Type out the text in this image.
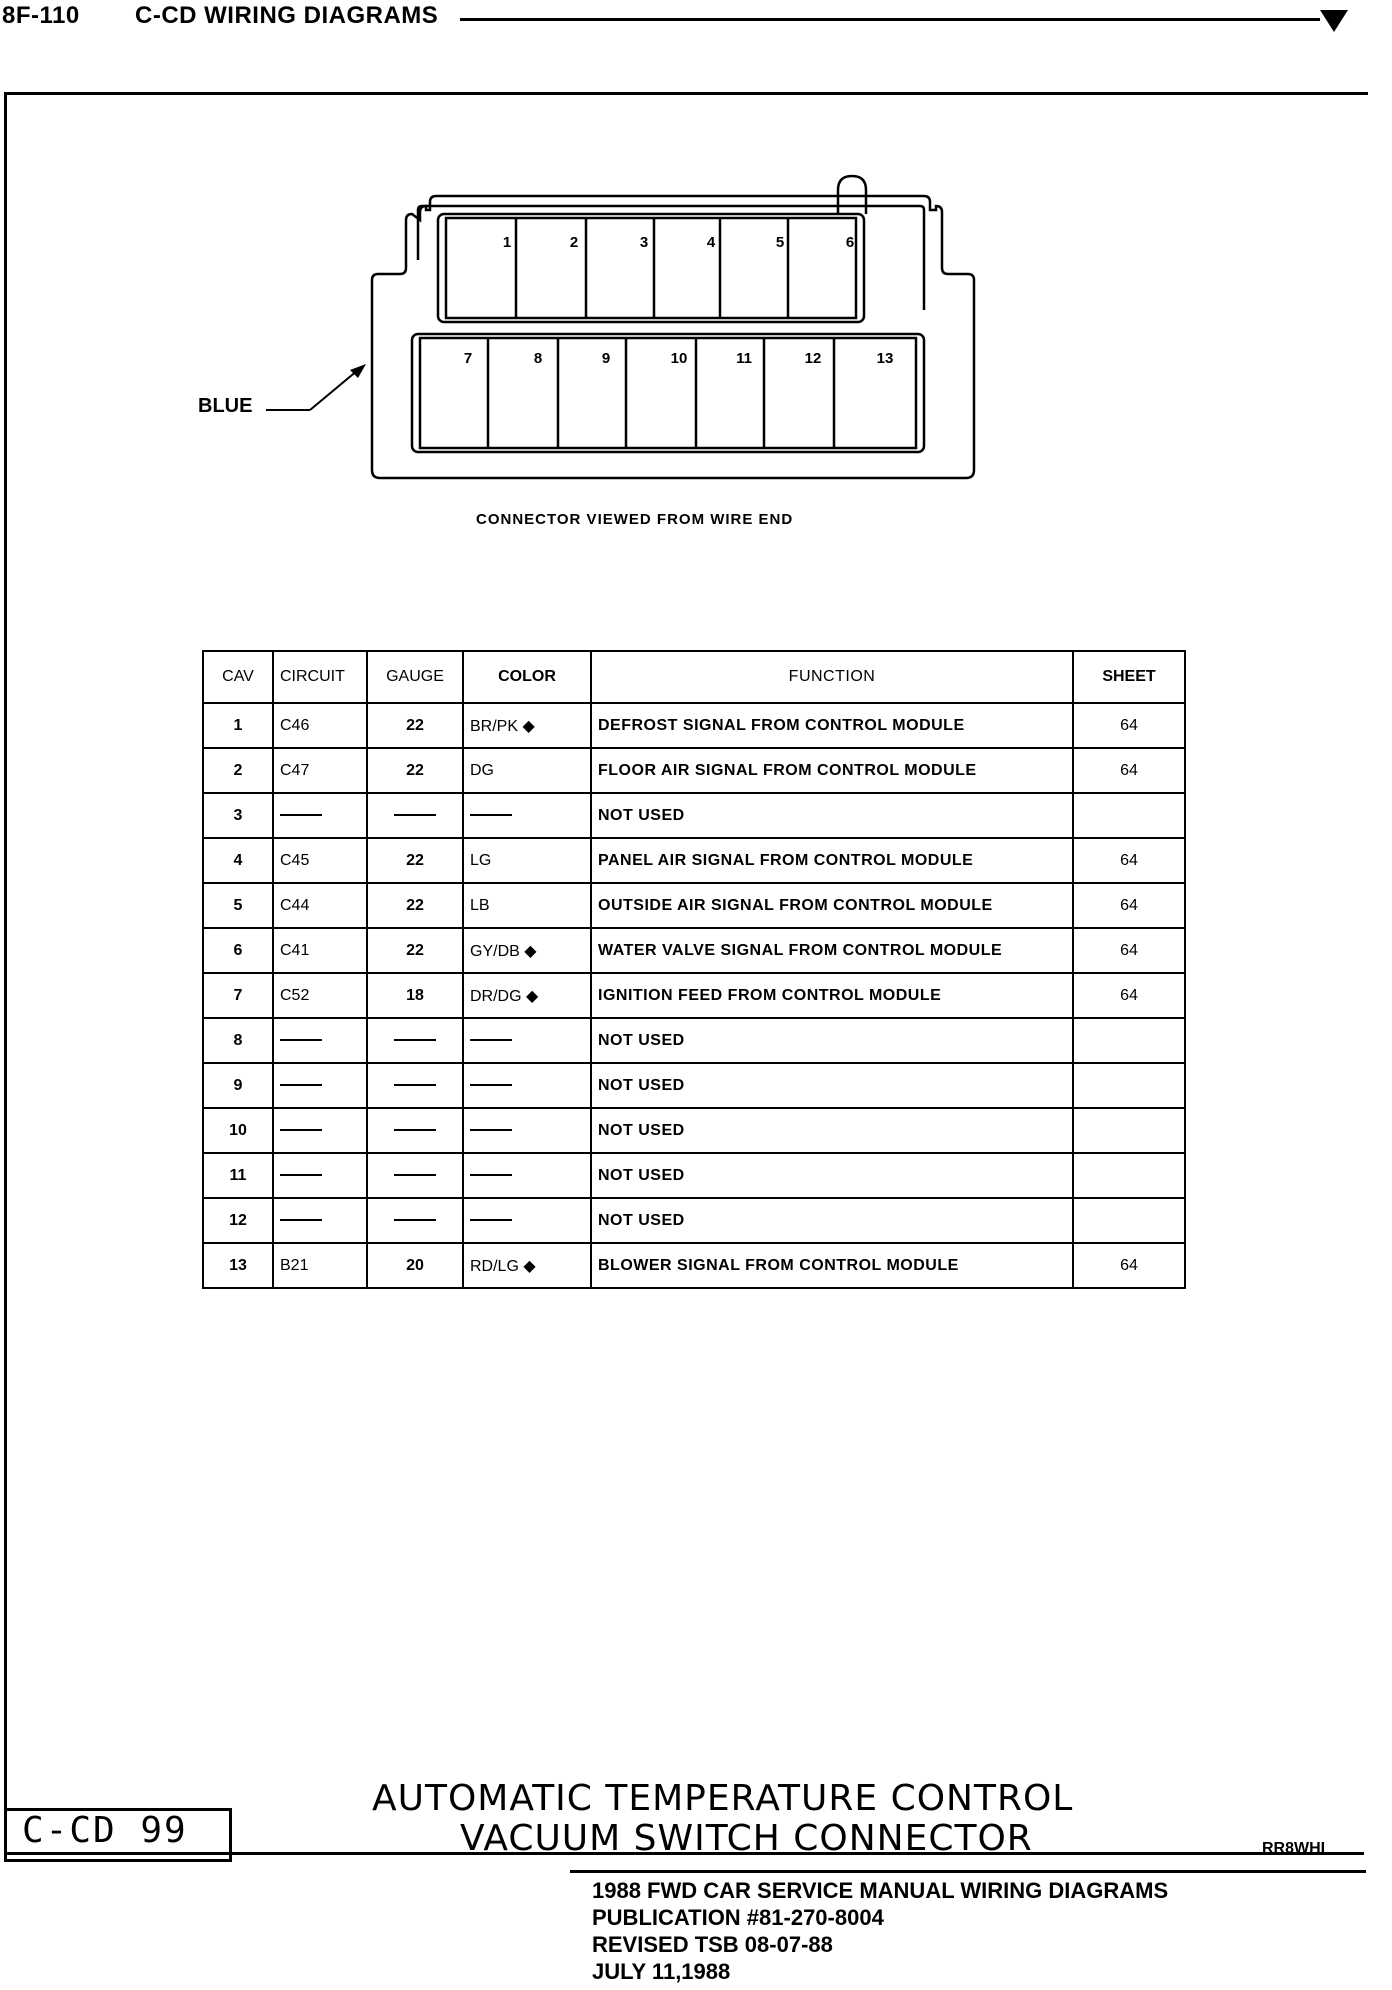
8F-110 C-CD WIRING DIAGRAMS
1	2	3	4	5	6
7	8	9	10	11	12	13
BLUE
CONNECTOR VIEWED FROM WIRE END
CAV	CIRCUIT	GAUGE	COLOR	FUNCTION	SHEET
1	C46	22	BR/PK ◆	DEFROST SIGNAL FROM CONTROL MODULE	64
2	C47	22	DG	FLOOR AIR SIGNAL FROM CONTROL MODULE	64
3				NOT USED	
4	C45	22	LG	PANEL AIR SIGNAL FROM CONTROL MODULE	64
5	C44	22	LB	OUTSIDE AIR SIGNAL FROM CONTROL MODULE	64
6	C41	22	GY/DB ◆	WATER VALVE SIGNAL FROM CONTROL MODULE	64
7	C52	18	DR/DG ◆	IGNITION FEED FROM CONTROL MODULE	64
8				NOT USED	
9				NOT USED	
10				NOT USED	
11				NOT USED	
12				NOT USED	
13	B21	20	RD/LG ◆	BLOWER SIGNAL FROM CONTROL MODULE	64
C-CD 99
AUTOMATIC TEMPERATURE CONTROL
VACUUM SWITCH CONNECTOR	RR8WHI
1988 FWD CAR SERVICE MANUAL WIRING DIAGRAMS
PUBLICATION #81-270-8004
REVISED TSB 08-07-88
JULY 11,1988
